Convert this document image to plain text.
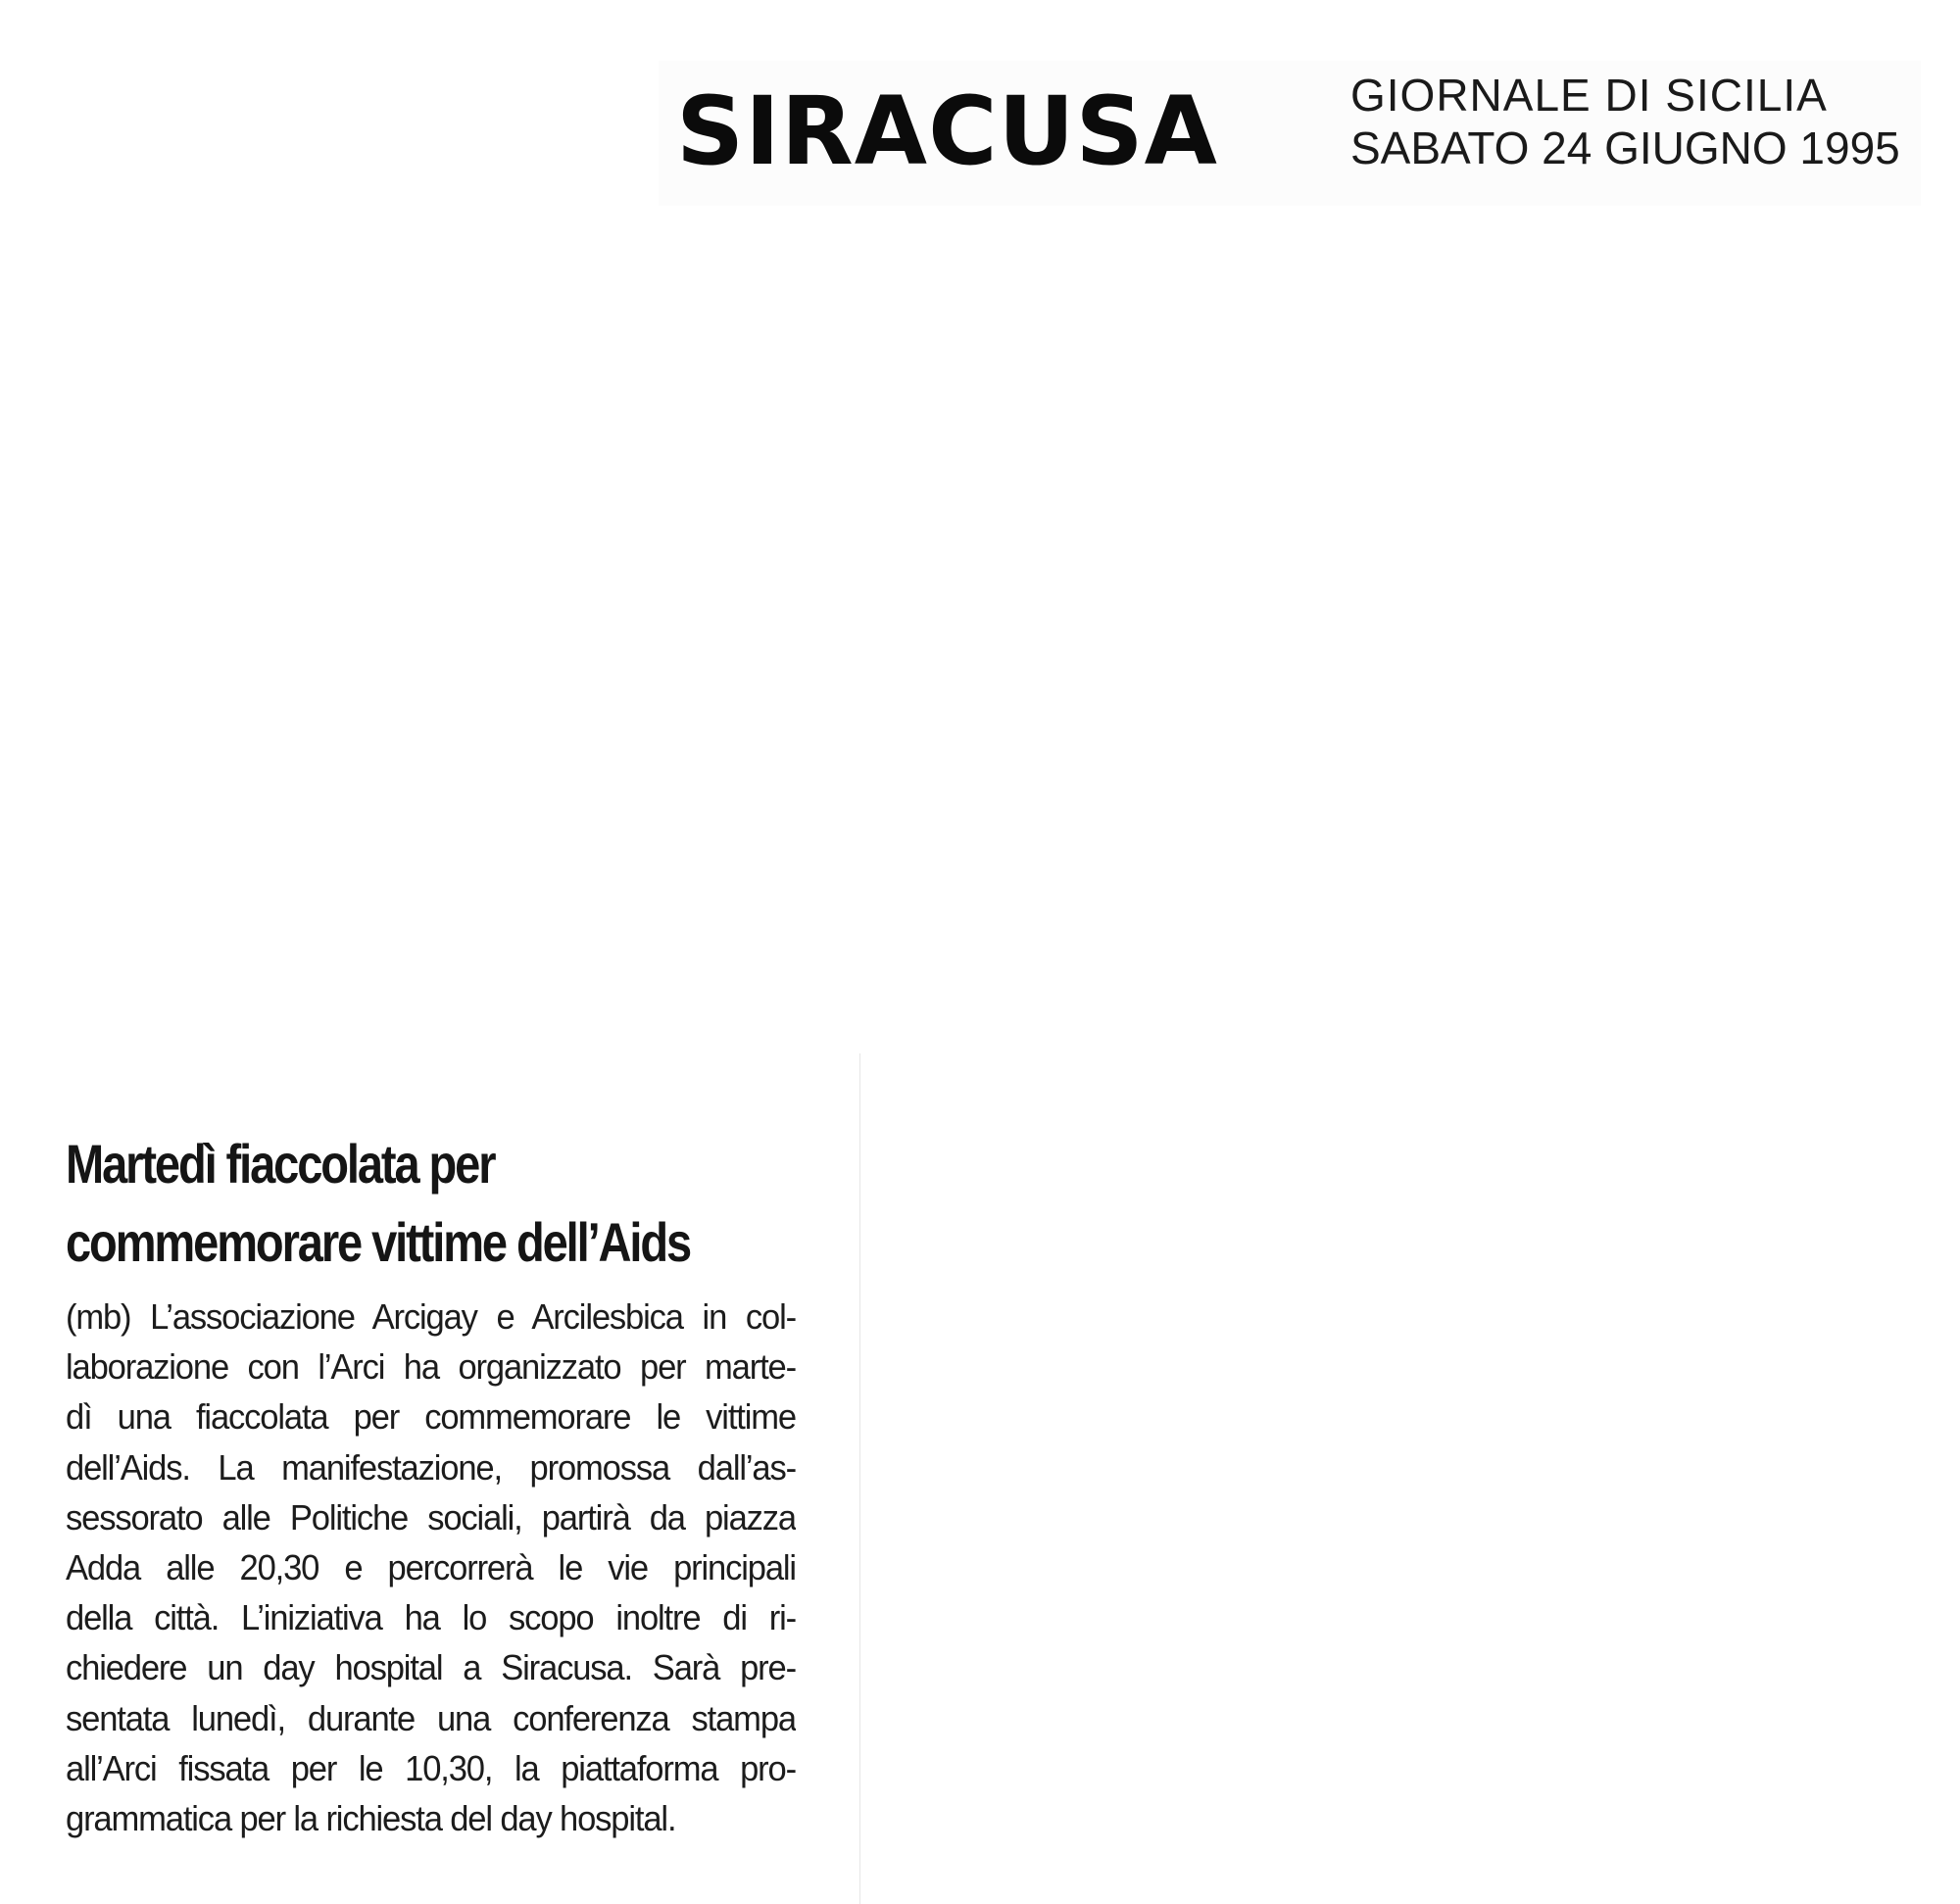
SIRACUSA	GIORNALE DI SICILIA
SABATO 24 GIUGNO 1995
Martedì fiaccolata per
commemorare vittime dell’Aids
(mb) L’associazione Arcigay e Arcilesbica in col-
laborazione con l’Arci ha organizzato per marte-
dì una fiaccolata per commemorare le vittime
dell’Aids. La manifestazione, promossa dall’as-
sessorato alle Politiche sociali, partirà da piazza
Adda alle 20,30 e percorrerà le vie principali
della città. L’iniziativa ha lo scopo inoltre di ri-
chiedere un day hospital a Siracusa. Sarà pre-
sentata lunedì, durante una conferenza stampa
all’Arci fissata per le 10,30, la piattaforma pro-
grammatica per la richiesta del day hospital.
